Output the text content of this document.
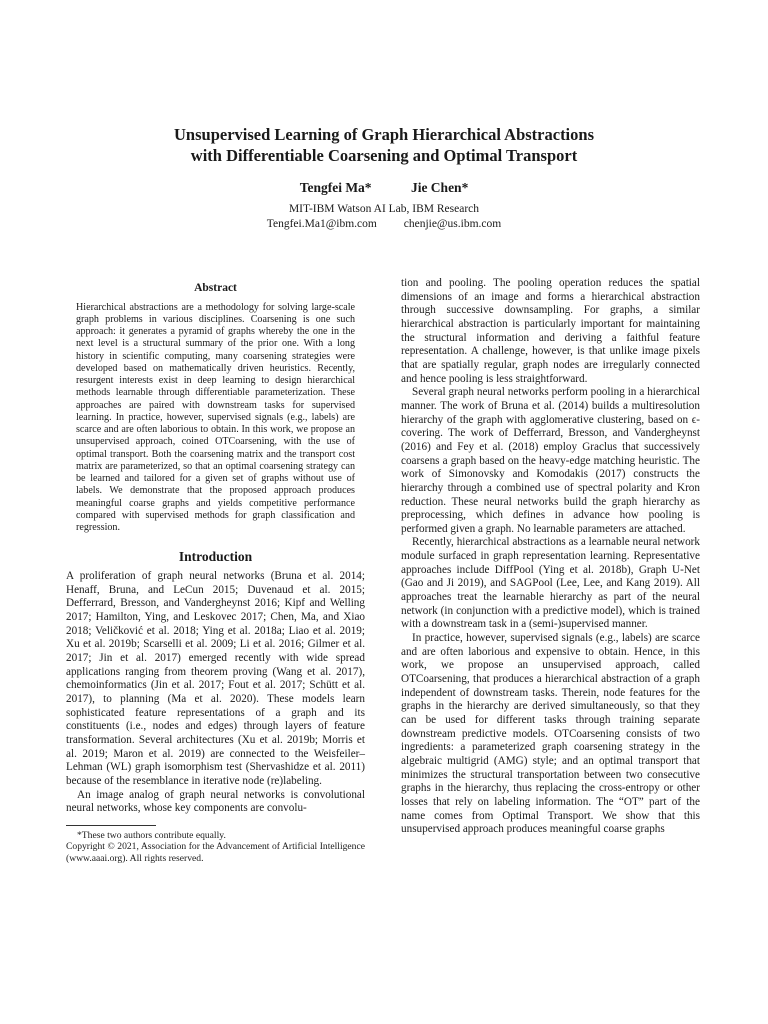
Unsupervised Learning of Graph Hierarchical Abstractions
with Differentiable Coarsening and Optimal Transport
Tengfei Ma*	Jie Chen*
MIT-IBM Watson AI Lab, IBM Research
Tengfei.Ma1@ibm.com chenjie@us.ibm.com
Abstract

Hierarchical abstractions are a methodology for solving large-scale graph problems in various disciplines. Coarsening is one such approach: it generates a pyramid of graphs whereby the one in the next level is a structural summary of the prior one. With a long history in scientific computing, many coarsening strategies were developed based on mathematically driven heuristics. Recently, resurgent interests exist in deep learning to design hierarchical methods learnable through differentiable parameterization. These approaches are paired with downstream tasks for supervised learning. In practice, however, supervised signals (e.g., labels) are scarce and are often laborious to obtain. In this work, we propose an unsupervised approach, coined OTCoarsening, with the use of optimal transport. Both the coarsening matrix and the transport cost matrix are parameterized, so that an optimal coarsening strategy can be learned and tailored for a given set of graphs without use of labels. We demonstrate that the proposed approach produces meaningful coarse graphs and yields competitive performance compared with supervised methods for graph classification and regression.

Introduction

A proliferation of graph neural networks (Bruna et al. 2014; Henaff, Bruna, and LeCun 2015; Duvenaud et al. 2015; Defferrard, Bresson, and Vandergheynst 2016; Kipf and Welling 2017; Hamilton, Ying, and Leskovec 2017; Chen, Ma, and Xiao 2018; Veličković et al. 2018; Ying et al. 2018a; Liao et al. 2019; Xu et al. 2019b; Scarselli et al. 2009; Li et al. 2016; Gilmer et al. 2017; Jin et al. 2017) emerged recently with wide spread applications ranging from theorem proving (Wang et al. 2017), chemoinformatics (Jin et al. 2017; Fout et al. 2017; Schütt et al. 2017), to planning (Ma et al. 2020). These models learn sophisticated feature representations of a graph and its constituents (i.e., nodes and edges) through layers of feature transformation. Several architectures (Xu et al. 2019b; Morris et al. 2019; Maron et al. 2019) are connected to the Weisfeiler–Lehman (WL) graph isomorphism test (Shervashidze et al. 2011) because of the resemblance in iterative node (re)labeling.

An image analog of graph neural networks is convolutional neural networks, whose key components are convolu-

*These two authors contribute equally.

Copyright © 2021, Association for the Advancement of Artificial Intelligence (www.aaai.org). All rights reserved.

tion and pooling. The pooling operation reduces the spatial dimensions of an image and forms a hierarchical abstraction through successive downsampling. For graphs, a similar hierarchical abstraction is particularly important for maintaining the structural information and deriving a faithful feature representation. A challenge, however, is that unlike image pixels that are spatially regular, graph nodes are irregularly connected and hence pooling is less straightforward.

Several graph neural networks perform pooling in a hierarchical manner. The work of Bruna et al. (2014) builds a multiresolution hierarchy of the graph with agglomerative clustering, based on ϵ-covering. The work of Defferrard, Bresson, and Vandergheynst (2016) and Fey et al. (2018) employ Graclus that successively coarsens a graph based on the heavy-edge matching heuristic. The work of Simonovsky and Komodakis (2017) constructs the hierarchy through a combined use of spectral polarity and Kron reduction. These neural networks build the graph hierarchy as preprocessing, which defines in advance how pooling is performed given a graph. No learnable parameters are attached.

Recently, hierarchical abstractions as a learnable neural network module surfaced in graph representation learning. Representative approaches include DiffPool (Ying et al. 2018b), Graph U-Net (Gao and Ji 2019), and SAGPool (Lee, Lee, and Kang 2019). All approaches treat the learnable hierarchy as part of the neural network (in conjunction with a predictive model), which is trained with a downstream task in a (semi-)supervised manner.

In practice, however, supervised signals (e.g., labels) are scarce and are often laborious and expensive to obtain. Hence, in this work, we propose an unsupervised approach, called OTCoarsening, that produces a hierarchical abstraction of a graph independent of downstream tasks. Therein, node features for the graphs in the hierarchy are derived simultaneously, so that they can be used for different tasks through training separate downstream predictive models. OTCoarsening consists of two ingredients: a parameterized graph coarsening strategy in the algebraic multigrid (AMG) style; and an optimal transport that minimizes the structural transportation between two consecutive graphs in the hierarchy, thus replacing the cross-entropy or other losses that rely on labeling information. The “OT” part of the name comes from Optimal Transport. We show that this unsupervised approach produces meaningful coarse graphs
